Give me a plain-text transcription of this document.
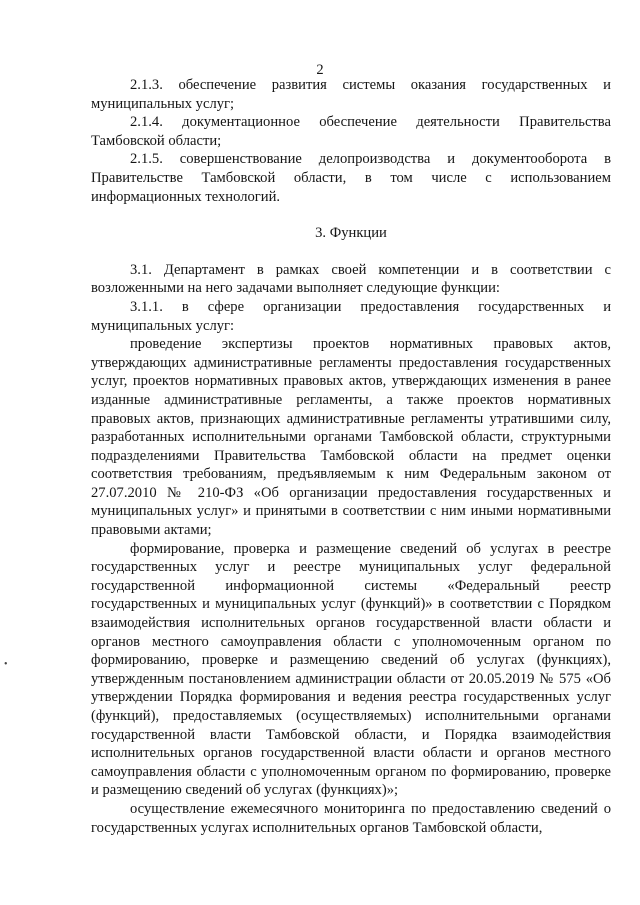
2
•

2.1.3. обеспечение развития системы оказания государственных и муниципальных услуг;

2.1.4. документационное обеспечение деятельности Правительства Тамбовской области;

2.1.5. совершенствование делопроизводства и документооборота в Правительстве Тамбовской области, в том числе с использованием информационных технологий.

3. Функции

3.1. Департамент в рамках своей компетенции и в соответствии с возложенными на него задачами выполняет следующие функции:

3.1.1. в сфере организации предоставления государственных и муниципальных услуг:

проведение экспертизы проектов нормативных правовых актов, утверждающих административные регламенты предоставления государственных услуг, проектов нормативных правовых актов, утверждающих изменения в ранее изданные административные регламенты, а также проектов нормативных правовых актов, признающих административные регламенты утратившими силу, разработанных исполнительными органами Тамбовской области, структурными подразделениями Правительства Тамбовской области на предмет оценки соответствия требованиям, предъявляемым к ним Федеральным законом от 27.07.2010 № 210-ФЗ «Об организации предоставления государственных и муниципальных услуг» и принятыми в соответствии с ним иными нормативными правовыми актами;

формирование, проверка и размещение сведений об услугах в реестре государственных услуг и реестре муниципальных услуг федеральной государственной информационной системы «Федеральный реестр государственных и муниципальных услуг (функций)» в соответствии с Порядком взаимодействия исполнительных органов государственной власти области и органов местного самоуправления области с уполномоченным органом по формированию, проверке и размещению сведений об услугах (функциях), утвержденным постановлением администрации области от 20.05.2019 № 575 «Об утверждении Порядка формирования и ведения реестра государственных услуг (функций), предоставляемых (осуществляемых) исполнительными органами государственной власти Тамбовской области, и Порядка взаимодействия исполнительных органов государственной власти области и органов местного самоуправления области с уполномоченным органом по формированию, проверке и размещению сведений об услугах (функциях)»;

осуществление ежемесячного мониторинга по предоставлению сведений о государственных услугах исполнительных органов Тамбовской области,
